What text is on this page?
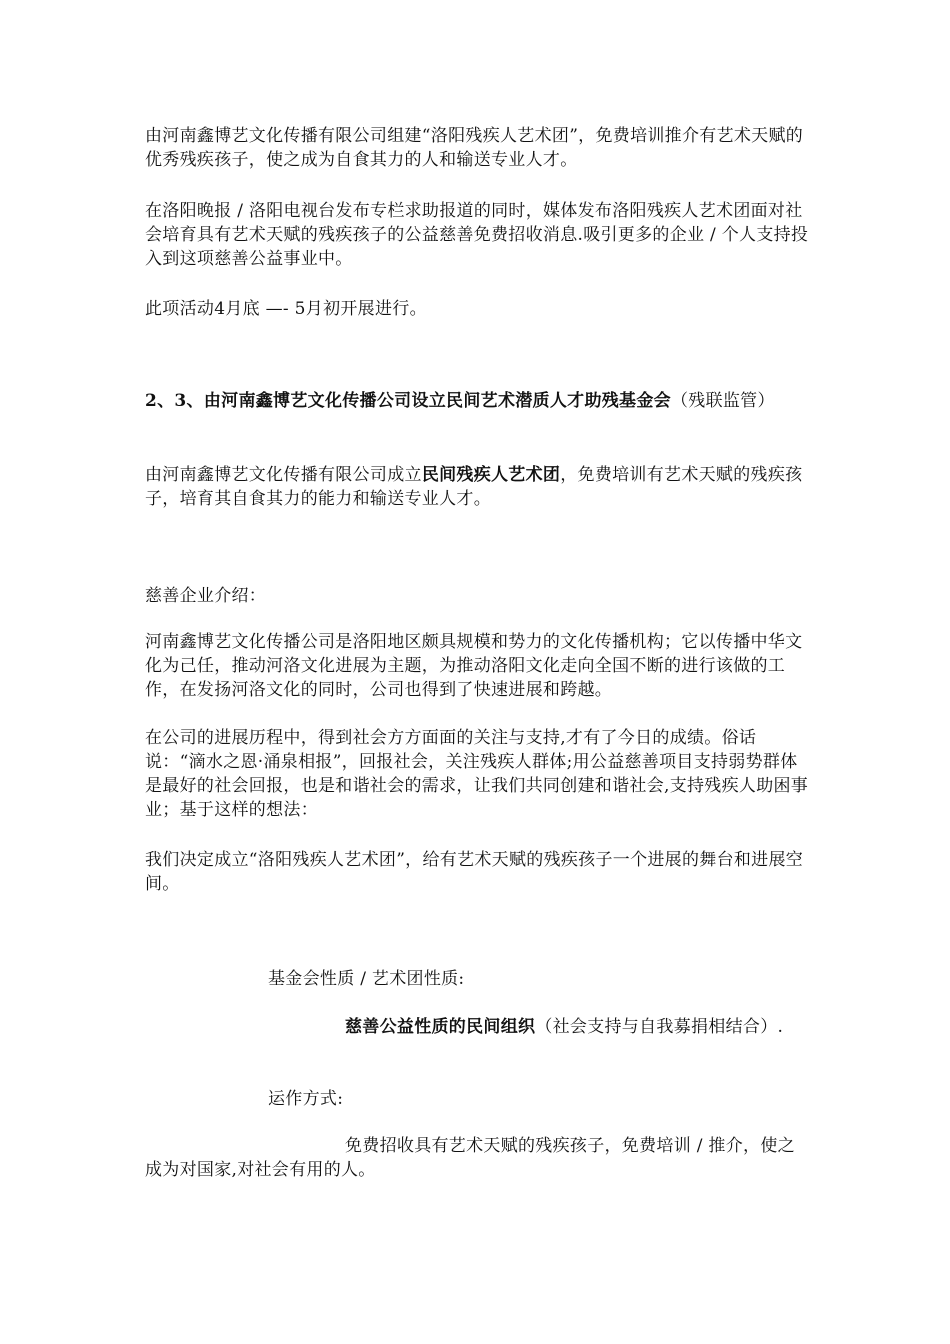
由河南鑫博艺文化传播有限公司组建“洛阳残疾人艺术团”，免费培训推介有艺术天赋的优秀残疾孩子，使之成为自食其力的人和输送专业人才。

在洛阳晚报 / 洛阳电视台发布专栏求助报道的同时，媒体发布洛阳残疾人艺术团面对社会培育具有艺术天赋的残疾孩子的公益慈善免费招收消息.吸引更多的企业 / 个人支持投入到这项慈善公益事业中。

此项活动4月底 —- 5月初开展进行。

2、3、由河南鑫博艺文化传播公司设立民间艺术潜质人才助残基金会（残联监管）

由河南鑫博艺文化传播有限公司成立民间残疾人艺术团，免费培训有艺术天赋的残疾孩子，培育其自食其力的能力和输送专业人才。

慈善企业介绍：

河南鑫博艺文化传播公司是洛阳地区颇具规模和势力的文化传播机构；它以传播中华文化为己任，推动河洛文化进展为主题，为推动洛阳文化走向全国不断的进行该做的工作，在发扬河洛文化的同时，公司也得到了快速进展和跨越。

在公司的进展历程中，得到社会方方面面的关注与支持,才有了今日的成绩。俗话说：“滴水之恩·涌泉相报”，回报社会，关注残疾人群体;用公益慈善项目支持弱势群体是最好的社会回报，也是和谐社会的需求，让我们共同创建和谐社会,支持残疾人助困事业；基于这样的想法：

我们决定成立“洛阳残疾人艺术团”，给有艺术天赋的残疾孩子一个进展的舞台和进展空间。

基金会性质 / 艺术团性质:

慈善公益性质的民间组织（社会支持与自我募捐相结合）.

运作方式:

免费招收具有艺术天赋的残疾孩子，免费培训 / 推介，使之成为对国家,对社会有用的人。
